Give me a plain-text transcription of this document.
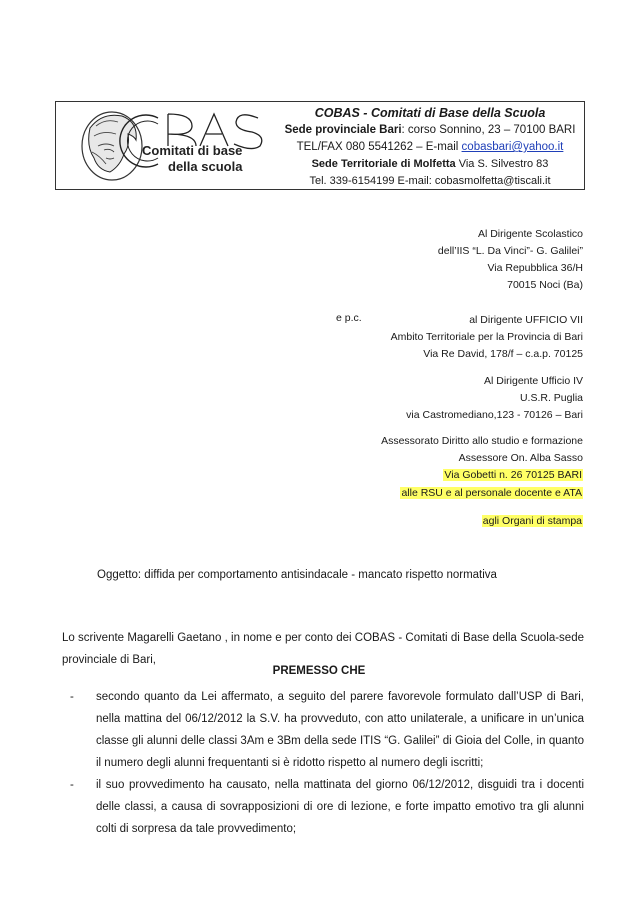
Comitati di base
della scuola
COBAS - Comitati di Base della Scuola
Sede provinciale Bari: corso Sonnino, 23 – 70100 BARI
TEL/FAX 080 5541262 – E-mail cobasbari@yahoo.it
Sede Territoriale di Molfetta Via S. Silvestro 83
Tel. 339-6154199 E-mail: cobasmolfetta@tiscali.it
Al Dirigente Scolastico
dell’IIS “L. Da Vinci”- G. Galilei”
Via Repubblica 36/H
70015 Noci (Ba)
e p.c.	al Dirigente UFFICIO VII
Ambito Territoriale per la Provincia di Bari
Via Re David, 178/f – c.a.p. 70125
Al Dirigente Ufficio IV
U.S.R. Puglia
via Castromediano,123 - 70126 – Bari
Assessorato Diritto allo studio e formazione
Assessore On. Alba Sasso
Via Gobetti n. 26 70125 BARI
alle RSU e al personale docente e ATA
agli Organi di stampa
Oggetto: diffida per comportamento antisindacale - mancato rispetto normativa
Lo scrivente Magarelli Gaetano , in nome e per conto dei COBAS - Comitati di Base della Scuola-sede provinciale di Bari,
PREMESSO CHE
-	secondo quanto da Lei affermato, a seguito del parere favorevole formulato dall’USP di Bari, nella mattina del 06/12/2012 la S.V. ha provveduto, con atto unilaterale, a unificare in un’unica classe gli alunni delle classi 3Am e 3Bm della sede ITIS “G. Galilei” di Gioia del Colle, in quanto il numero degli alunni frequentanti si è ridotto rispetto al numero degli iscritti;
-	il suo provvedimento ha causato, nella mattinata del giorno 06/12/2012, disguidi tra i docenti delle classi, a causa di sovrapposizioni di ore di lezione, e forte impatto emotivo tra gli alunni colti di sorpresa da tale provvedimento;
